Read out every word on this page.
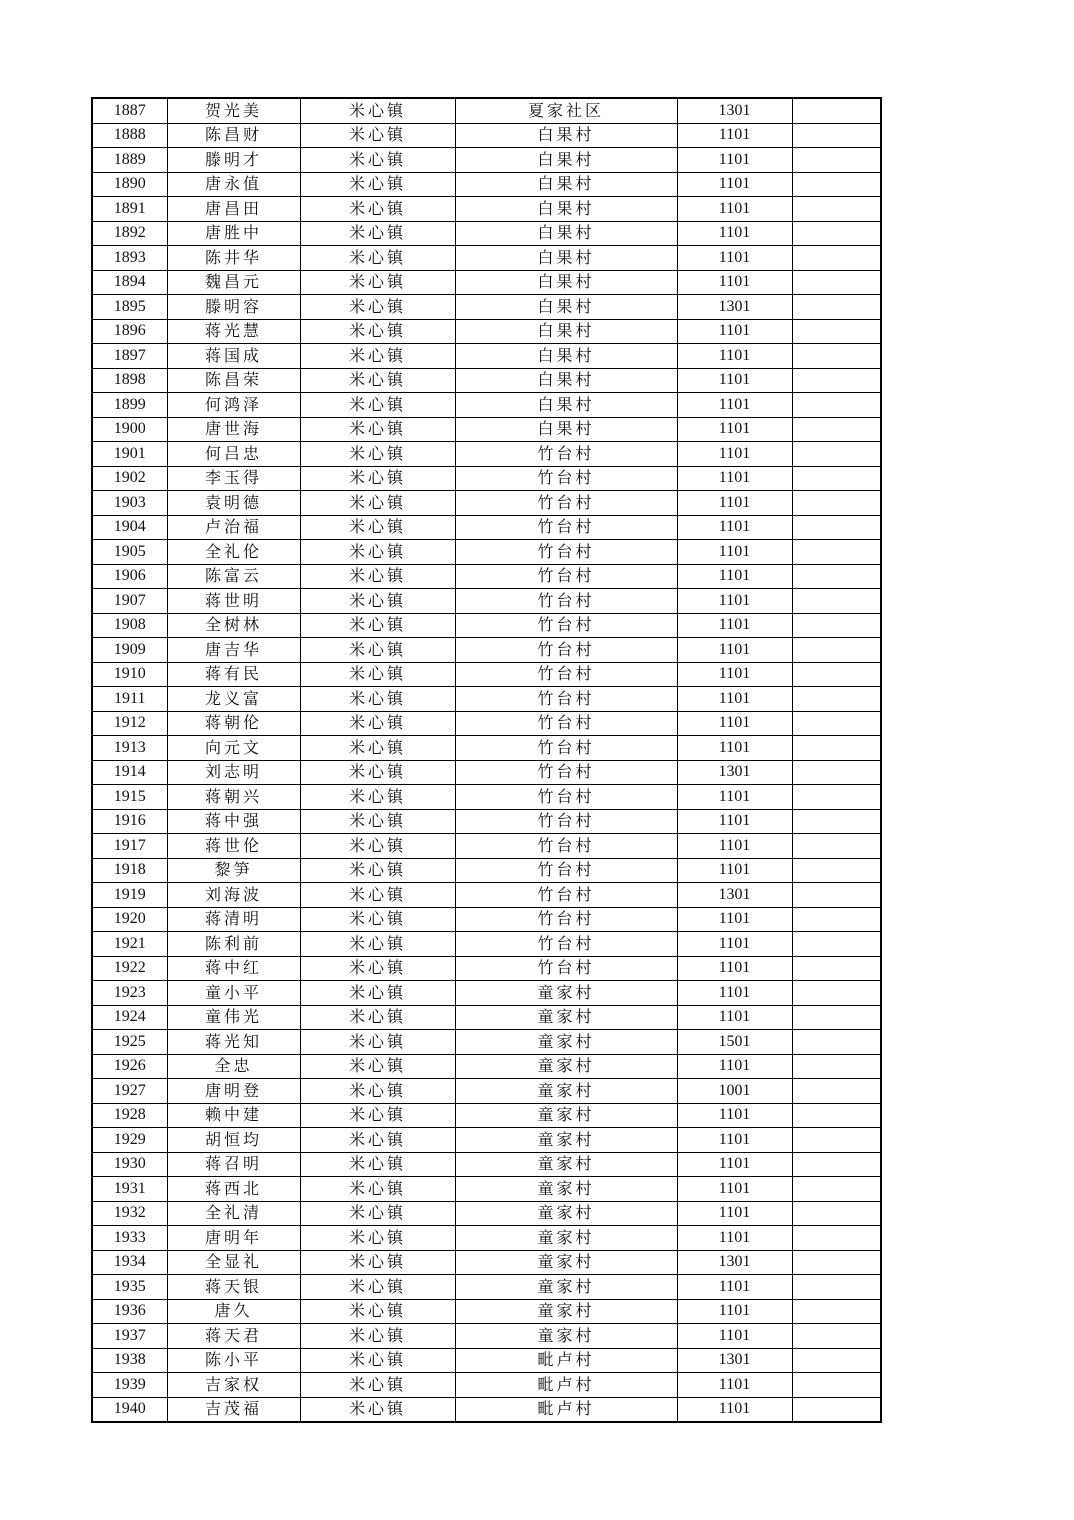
1887	贺光美	米心镇	夏家社区	1301	
1888	陈昌财	米心镇	白果村	1101	
1889	滕明才	米心镇	白果村	1101	
1890	唐永值	米心镇	白果村	1101	
1891	唐昌田	米心镇	白果村	1101	
1892	唐胜中	米心镇	白果村	1101	
1893	陈井华	米心镇	白果村	1101	
1894	魏昌元	米心镇	白果村	1101	
1895	滕明容	米心镇	白果村	1301	
1896	蒋光慧	米心镇	白果村	1101	
1897	蒋国成	米心镇	白果村	1101	
1898	陈昌荣	米心镇	白果村	1101	
1899	何鸿泽	米心镇	白果村	1101	
1900	唐世海	米心镇	白果村	1101	
1901	何吕忠	米心镇	竹台村	1101	
1902	李玉得	米心镇	竹台村	1101	
1903	袁明德	米心镇	竹台村	1101	
1904	卢治福	米心镇	竹台村	1101	
1905	全礼伦	米心镇	竹台村	1101	
1906	陈富云	米心镇	竹台村	1101	
1907	蒋世明	米心镇	竹台村	1101	
1908	全树林	米心镇	竹台村	1101	
1909	唐吉华	米心镇	竹台村	1101	
1910	蒋有民	米心镇	竹台村	1101	
1911	龙义富	米心镇	竹台村	1101	
1912	蒋朝伦	米心镇	竹台村	1101	
1913	向元文	米心镇	竹台村	1101	
1914	刘志明	米心镇	竹台村	1301	
1915	蒋朝兴	米心镇	竹台村	1101	
1916	蒋中强	米心镇	竹台村	1101	
1917	蒋世伦	米心镇	竹台村	1101	
1918	黎笋	米心镇	竹台村	1101	
1919	刘海波	米心镇	竹台村	1301	
1920	蒋清明	米心镇	竹台村	1101	
1921	陈利前	米心镇	竹台村	1101	
1922	蒋中红	米心镇	竹台村	1101	
1923	童小平	米心镇	童家村	1101	
1924	童伟光	米心镇	童家村	1101	
1925	蒋光知	米心镇	童家村	1501	
1926	全忠	米心镇	童家村	1101	
1927	唐明登	米心镇	童家村	1001	
1928	赖中建	米心镇	童家村	1101	
1929	胡恒均	米心镇	童家村	1101	
1930	蒋召明	米心镇	童家村	1101	
1931	蒋西北	米心镇	童家村	1101	
1932	全礼清	米心镇	童家村	1101	
1933	唐明年	米心镇	童家村	1101	
1934	全显礼	米心镇	童家村	1301	
1935	蒋天银	米心镇	童家村	1101	
1936	唐久	米心镇	童家村	1101	
1937	蒋天君	米心镇	童家村	1101	
1938	陈小平	米心镇	毗卢村	1301	
1939	吉家权	米心镇	毗卢村	1101	
1940	吉茂福	米心镇	毗卢村	1101	
